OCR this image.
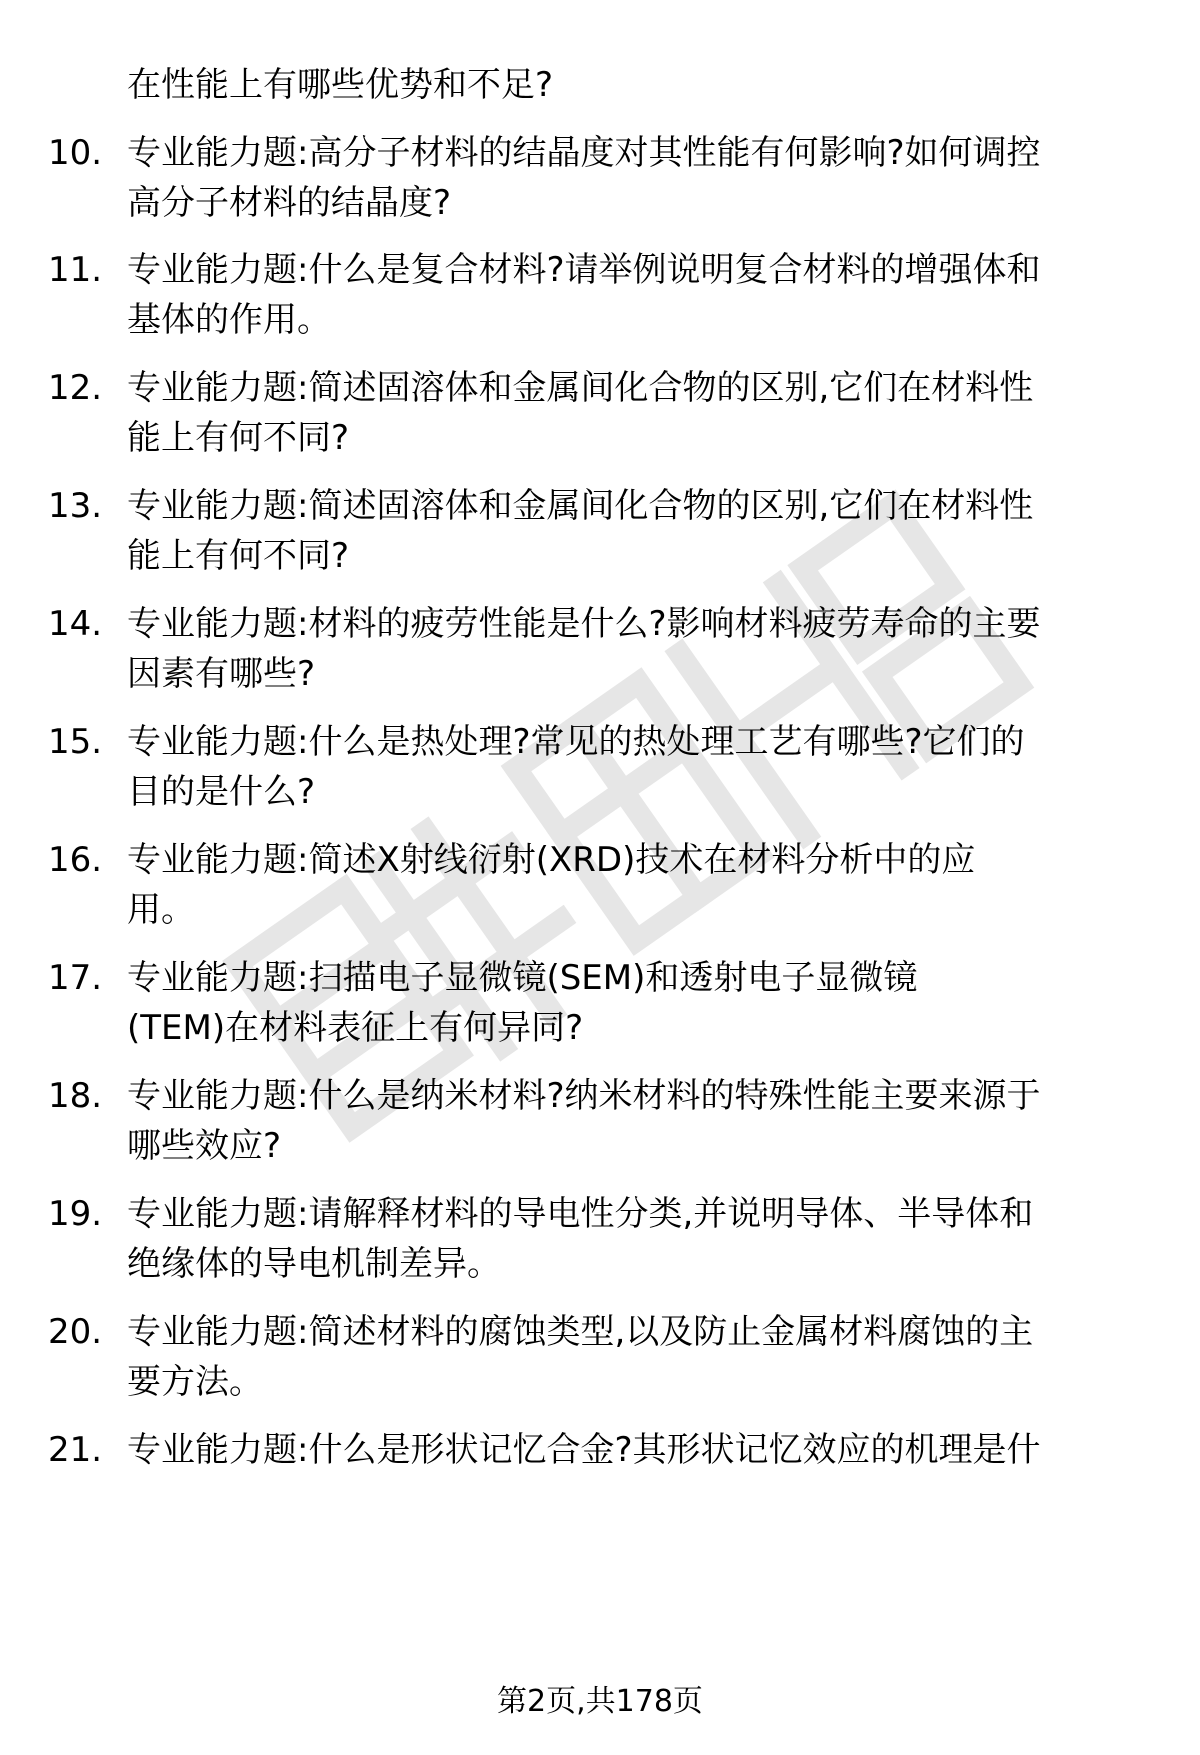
在性能上有哪些优势和不足?
10. 专业能力题:高分子材料的结晶度对其性能有何影响?如何调控
高分子材料的结晶度?
11. 专业能力题:什么是复合材料?请举例说明复合材料的增强体和
基体的作用。
12. 专业能力题:简述固溶体和金属间化合物的区别,它们在材料性
能上有何不同?
13. 专业能力题:简述固溶体和金属间化合物的区别,它们在材料性
能上有何不同?
14. 专业能力题:材料的疲劳性能是什么?影响材料疲劳寿命的主要
因素有哪些?
15. 专业能力题:什么是热处理?常见的热处理工艺有哪些?它们的
目的是什么?
16. 专业能力题:简述X射线衍射(XRD)技术在材料分析中的应
用。
17. 专业能力题:扫描电子显微镜(SEM)和透射电子显微镜
(TEM)在材料表征上有何异同?
18. 专业能力题:什么是纳米材料?纳米材料的特殊性能主要来源于
哪些效应?
19. 专业能力题:请解释材料的导电性分类,并说明导体、半导体和
绝缘体的导电机制差异。
20. 专业能力题:简述材料的腐蚀类型,以及防止金属材料腐蚀的主
要方法。
21. 专业能力题:什么是形状记忆合金?其形状记忆效应的机理是什
第2页,共178页
